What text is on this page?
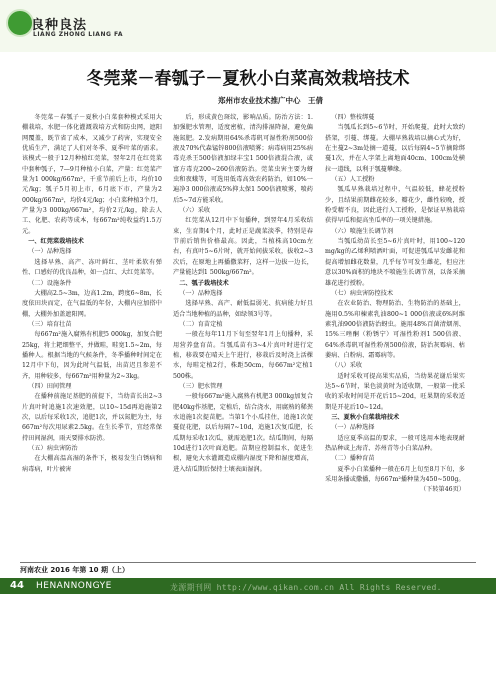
良种良法
LIANG ZHONG LIANG FA
冬莞菜－春瓠子－夏秋小白菜高效栽培技术
郑州市农业技术推广中心　王倩

冬莞菜－春瓠子－夏秋小白菜套种模式采用大棚栽培，水肥一体化灌溉栽培方式和防虫网，遮阳网覆盖，既节省了成本，又减少了药害，实现安全优质生产，满足了人们对冬季、夏季叶菜的需求。该模式一般于12月种植红莞菜，翌年2月在红莞菜中套种瓠子，7—9月种植小白菜，产量：红莞菜产量为1 000kg/667m²，千重节前后上市，均价10元/kg；瓠子5月初上市，6月底下市，产量为2 000kg/667m²，均价4元/kg；小白菜种植3个月，产量为3 000kg/667m²，均价2元/kg，除去人工、化肥、农药等成本，每667m²纯收益约1.5万元。

一、红莞菜栽培技术

（一）品种选择

选择早熟、高产、冻叶鲜红、茎叶柔软有弹性、口感好的优良品种，如一点红、大红莞菜等。

（二）设施条件

大棚高2.5~3m，边高1.2m，跨度6~8m，长度依田块而定，在气温低的年份，大棚内应加搭中棚，大棚外加盖遮阳网。

（三）培育壮苗

每667m²施入腐熟有机肥5 000kg，加复合肥25kg，将土耙细整平，并做畦，畦宽1.5~2m，每播种人。根据当地的气候条件，冬季播种时间定在12月中下旬，因为此时气温低，出苗迟且参差不齐，用种较多，每667m²用种量为2~3kg。

（四）田间管理

在播种前施足基肥的前提下，当幼苗长出2~3片真叶时追施1次速效肥，以10~15d再追施第2次，以后每采收1次，追肥1次，并以氮肥为主，每667m²每次用尿素2.5kg。在生长季节，宜经常保持田间湿润，雨天要排水防涝。

（五）病虫害防治

在大棚高温高湿的条件下，极易发生白锈病和病毒病，叶片被害

后，形成黄色斑纹，影响品质。防治方法：1.加强肥水管理，适度密植，清沟排湿降湿，避免偏施氮肥。2.发病期用64%杀毒矾可湿性粉剂500倍液及70%代森锰锌800倍液喷雾；病毒病用25%病毒克杀王500倍液加绿丰宝1 500倍液混合液，或富方毒克200~260倍液防治。莞菜虫害主要为蚜虫和夜蛾等，可选用低毒高效农药防治，如10%一遍净3 000倍液或5%抑太保1 500倍液喷雾，喷药后5~7d方能采收。

（六）采收

红莞菜从12月中下旬播种，到翌年4月采收结束，生育期4个月，此时正是蔬菜淡季，特别是春节前后销售价格最高。因此，当植株高10cm左右，有真叶5~6片时，就开始间拔采收，拔收2~3次后，在原地上再播撒菜籽，这样一边拔一边长，产量能达到1 500kg/667m²。

二、瓠子栽培技术

（一）品种选择

选择早熟、高产、耐低温弱光、抗病能力好且适合当地种植的品种，如绿领3号等。

（二）育苗定植

一般在每年11月下旬至翌年1月上旬播种，采用营养盘育苗。当瓠瓜苗有3~4片真叶时进行定植，移栽要在晴天上午进行，移栽后及时浇上活棵水，每畦定植2行，株距50cm，每667m²定植1 500株。

（三）肥水管理

一般每667m²施入腐熟有机肥3 000kg加复合肥40kg作基肥，定植后，结合浇水，用腐熟的稀粪水追施1次提苗肥。当第1个小瓜挂住，追施1次促蔓促花肥，以后每隔7~10d，追施1次复瓜肥，长瓜期每采收1次瓜，就需追肥1次。结瓜期间，每隔10d进行1次叶面追肥。苗期应控制温水，促进生根，避免大水灌溉造成棚内湿度下降和湿度增高，进入结瓜期后保持土壤表面湿润。

（四）整枝绑蔓

当瓠瓜长到5~6节时，开始爬蔓，此时大致约搭架，引蔓、绑蔓。大棚早熟栽培以摘心式为好，在主蔓2~3m处摘一道蔓，以后每隔4~5节摘除绑蔓1次，并在人字架上离地面40cm、100cm处横拉一道线，以利于瓠蔓攀缘。

（五）人工授粉

瓠瓜早熟栽培过程中，气温较低，蜂花授粉少，且结果前期雌花较多，瓣花少，雌性较晚，授粉受精不良，因此进行人工授粉，是保证早熟栽培获得早瓜和提高坐瓜率的一项关键措施。

（六）喷施生长调节剂

当瓠瓜幼苗长至5~6片真叶时，用100~120 mg/kg的乙烯利喷洒叶面，可促进瓠瓜早发雌花和提高增加雌花数量，几乎每节可发生雌花，但应注意以30%面积的地块不喷施生长调节剂，以备采摘雄花进行授粉。

（七）病虫害防控技术

在农业防治、物理防治、生物防治的基础上，施用0.5%印楝素乳油800~1 000倍液或6%阿维素乳油900倍液防治蚜虫。施用48%百菌清烟剂、15%三唑酮（粉锈宁）可湿性粉剂1 500倍液、64%杀毒矾可湿性粉剂500倍液，防治灰霉病、枯萎病、白粉病、霜霉病等。

（八）采收

适时采收可提高果实品质，当幼果花谢后果实达5~6节时，果色淡黄时为适收期，一般第一批采收的采收时间是开花后15~20d，旺果期的采收适期是开花后10~12d。

三、夏秋小白菜栽培技术

（一）品种选择

适应夏季高温的要求，一般可选用本地表现耐热品种或上海青、苏州青等小白菜品种。

（二）播种育苗

夏季小白菜播种一般在6月上旬至8月下旬，多采用条播或撒播，每667m²播种量为450~500g。

（下转第46页）

河南农业 2016 年第 10 期（上）
44 HENANNONGYE	龙源期刊网 http://www.qikan.com.cn All Rights Reserved.
